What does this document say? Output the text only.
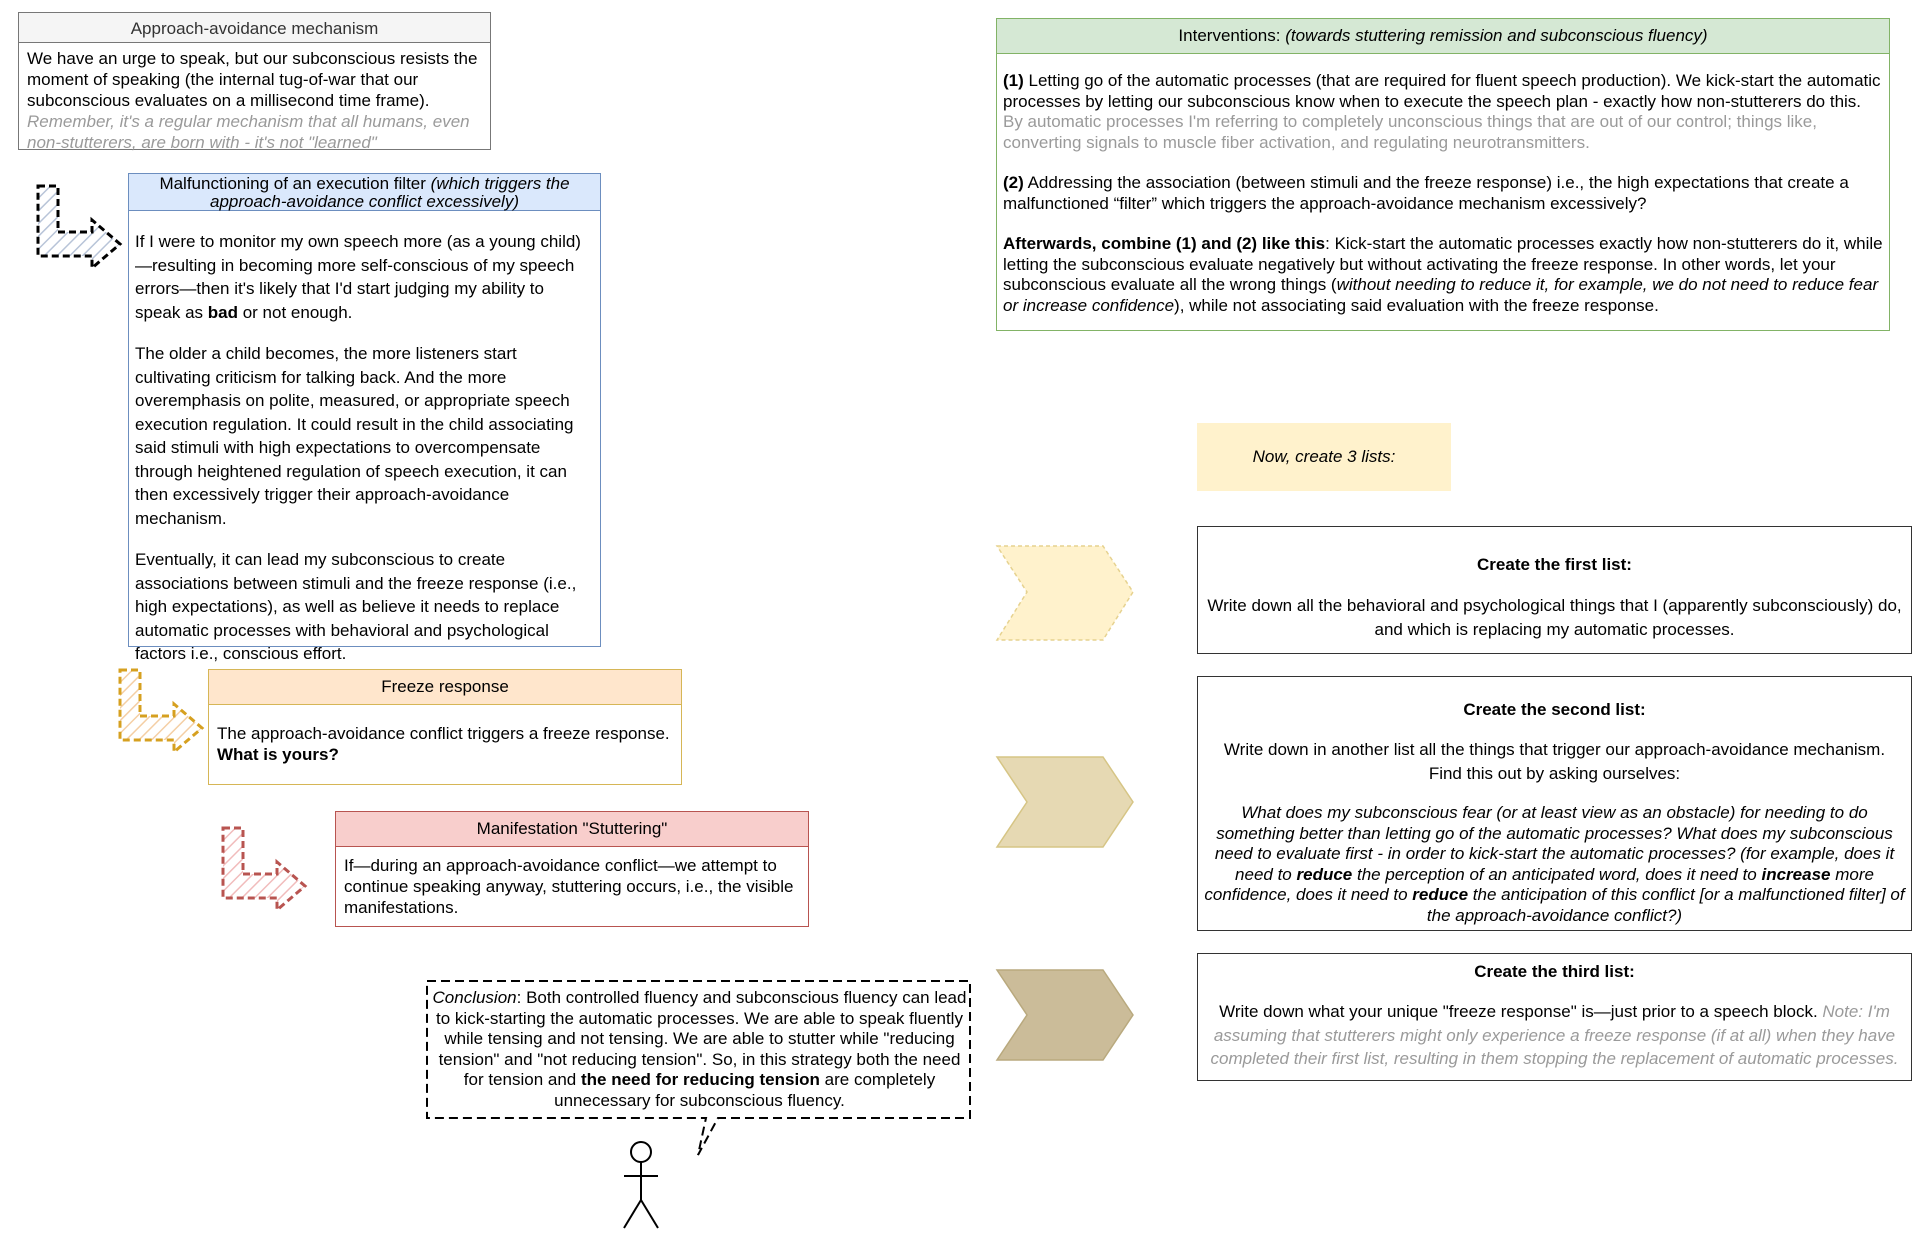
Approach-avoidance mechanism

We have an urge to speak, but our subconscious resists the moment of speaking (the internal tug-of-war that our subconscious evaluates on a millisecond time frame).

Remember, it's a regular mechanism that all humans, even non-stutterers, are born with - it's not "learned"

Malfunctioning of an execution filter (which triggers the approach-avoidance conflict excessively)

If I were to monitor my own speech more (as a young child)—resulting in becoming more self-conscious of my speech errors—then it's likely that I'd start judging my ability to speak as bad or not enough.

The older a child becomes, the more listeners start cultivating criticism for talking back. And the more overemphasis on polite, measured, or appropriate speech execution regulation. It could result in the child associating said stimuli with high expectations to overcompensate through heightened regulation of speech execution, it can then excessively trigger their approach-avoidance mechanism.

Eventually, it can lead my subconscious to create associations between stimuli and the freeze response (i.e., high expectations), as well as believe it needs to replace automatic processes with behavioral and psychological factors i.e., conscious effort.

Freeze response

The approach-avoidance conflict triggers a freeze response.

What is yours?

Manifestation "Stuttering"

If—during an approach-avoidance conflict—we attempt to continue speaking anyway, stuttering occurs, i.e., the visible manifestations.

Conclusion: Both controlled fluency and subconscious fluency can lead to kick-starting the automatic processes. We are able to speak fluently while tensing and not tensing. We are able to stutter while "reducing tension" and "not reducing tension". So, in this strategy both the need for tension and the need for reducing tension are completely unnecessary for subconscious fluency.
Interventions: (towards stuttering remission and subconscious fluency)

(1) Letting go of the automatic processes (that are required for fluent speech production). We kick-start the automatic processes by letting our subconscious know when to execute the speech plan - exactly how non-stutterers do this.

By automatic processes I'm referring to completely unconscious things that are out of our control; things like, converting signals to muscle fiber activation, and regulating neurotransmitters.

(2) Addressing the association (between stimuli and the freeze response) i.e., the high expectations that create a malfunctioned “filter” which triggers the approach-avoidance mechanism excessively?

Afterwards, combine (1) and (2) like this: Kick-start the automatic processes exactly how non-stutterers do it, while letting the subconscious evaluate negatively but without activating the freeze response. In other words, let your subconscious evaluate all the wrong things (without needing to reduce it, for example, we do not need to reduce fear or increase confidence), while not associating said evaluation with the freeze response.

Now, create 3 lists:
Create the first list:
Write down all the behavioral and psychological things that I (apparently subconsciously) do, and which is replacing my automatic processes.
Create the second list:
Write down in another list all the things that trigger our approach-avoidance mechanism. Find this out by asking ourselves:
What does my subconscious fear (or at least view as an obstacle) for needing to do something better than letting go of the automatic processes? What does my subconscious need to evaluate first - in order to kick-start the automatic processes? (for example, does it need to reduce the perception of an anticipated word, does it need to increase more confidence, does it need to reduce the anticipation of this conflict [or a malfunctioned filter] of the approach-avoidance conflict?)
Create the third list:
Write down what your unique "freeze response" is—just prior to a speech block. Note: I'm assuming that stutterers might only experience a freeze response (if at all) when they have completed their first list, resulting in them stopping the replacement of automatic processes.
